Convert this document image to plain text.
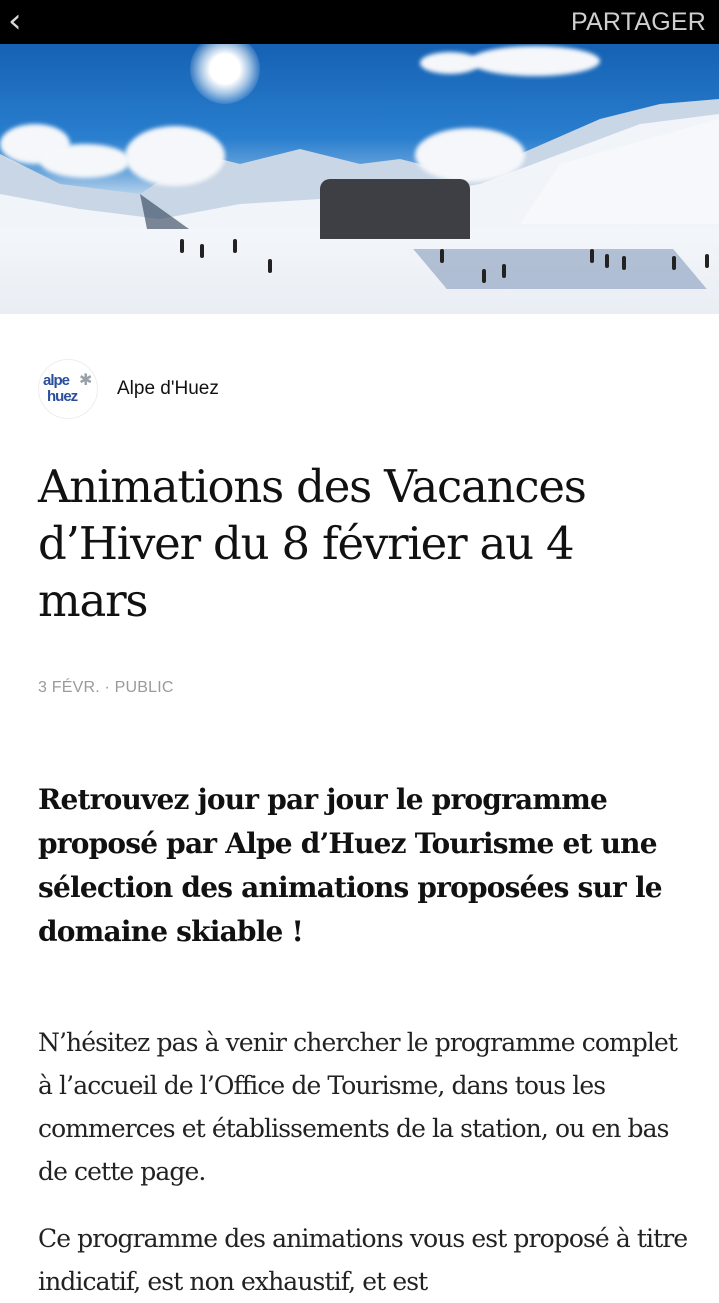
‹	PARTAGER
alpe
huez
✱ Alpe d'Huez
Animations des Vacances d’Hiver du 8 février au 4 mars
3 FÉVR. · PUBLIC

Retrouvez jour par jour le programme proposé par Alpe d’Huez Tourisme et une sélection des animations proposées sur le domaine skiable !

N’hésitez pas à venir chercher le programme complet à l’accueil de l’Office de Tourisme, dans tous les commerces et établissements de la station, ou en bas de cette page.

Ce programme des animations vous est proposé à titre indicatif, est non exhaustif, et est
